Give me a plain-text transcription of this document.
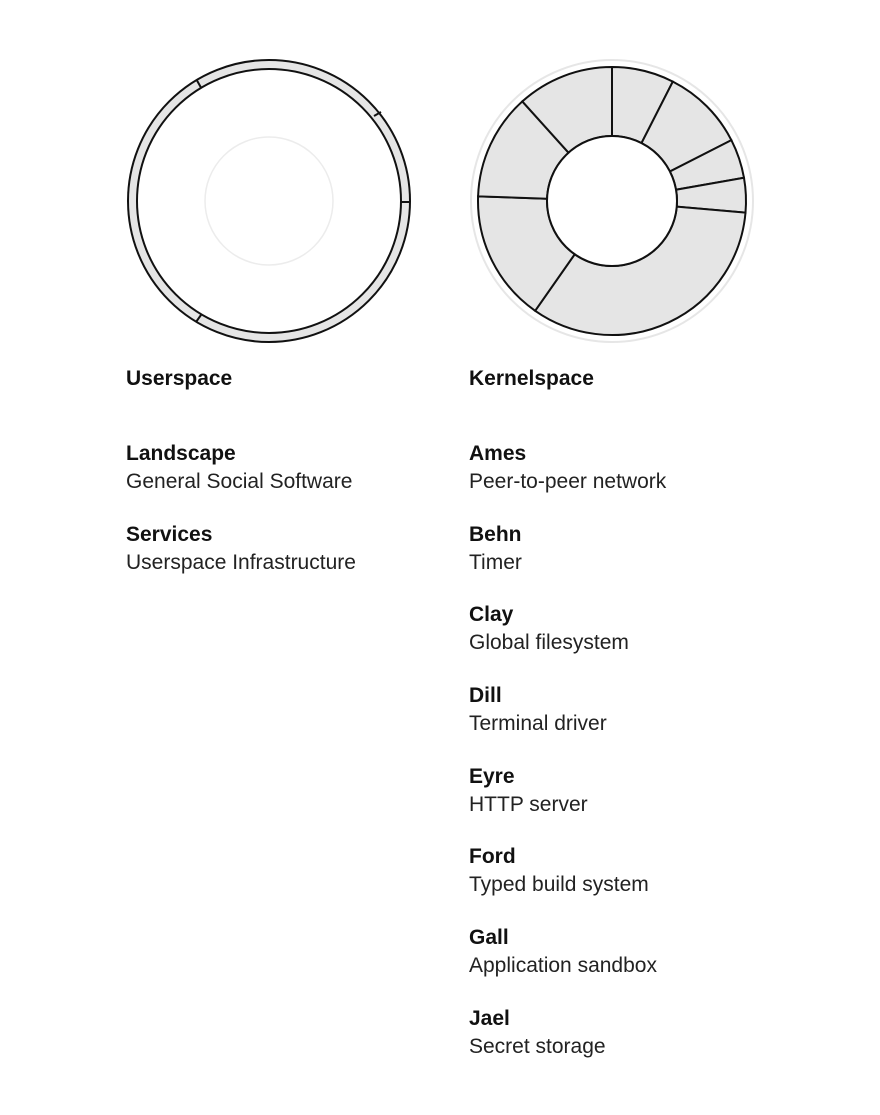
Userspace
Landscape
General Social Software
Services
Userspace Infrastructure
Kernelspace
Ames
Peer-to-peer network
Behn
Timer
Clay
Global filesystem
Dill
Terminal driver
Eyre
HTTP server
Ford
Typed build system
Gall
Application sandbox
Jael
Secret storage
